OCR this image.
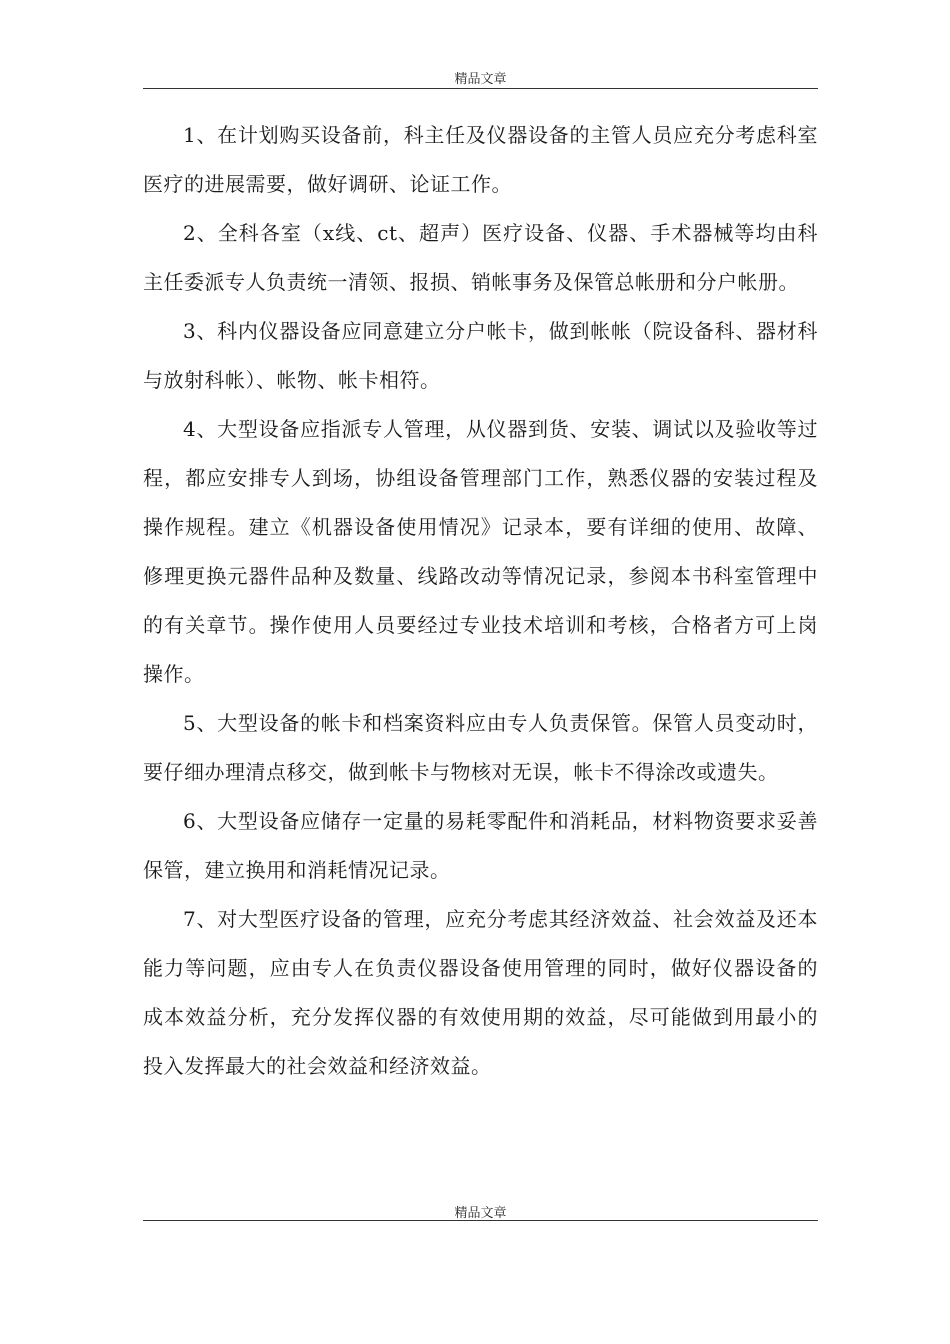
精品文章

1、在计划购买设备前，科主任及仪器设备的主管人员应充分考虑科室医疗的进展需要，做好调研、论证工作。

2、全科各室（x线、ct、超声）医疗设备、仪器、手术器械等均由科主任委派专人负责统一清领、报损、销帐事务及保管总帐册和分户帐册。

3、科内仪器设备应同意建立分户帐卡，做到帐帐（院设备科、器材科与放射科帐）、帐物、帐卡相符。

4、大型设备应指派专人管理，从仪器到货、安装、调试以及验收等过程，都应安排专人到场，协组设备管理部门工作，熟悉仪器的安装过程及操作规程。建立《机器设备使用情况》记录本，要有详细的使用、故障、修理更换元器件品种及数量、线路改动等情况记录，参阅本书科室管理中的有关章节。操作使用人员要经过专业技术培训和考核，合格者方可上岗操作。

5、大型设备的帐卡和档案资料应由专人负责保管。保管人员变动时，要仔细办理清点移交，做到帐卡与物核对无误，帐卡不得涂改或遗失。

6、大型设备应储存一定量的易耗零配件和消耗品，材料物资要求妥善保管，建立换用和消耗情况记录。

7、对大型医疗设备的管理，应充分考虑其经济效益、社会效益及还本能力等问题，应由专人在负责仪器设备使用管理的同时，做好仪器设备的成本效益分析，充分发挥仪器的有效使用期的效益，尽可能做到用最小的投入发挥最大的社会效益和经济效益。

精品文章
